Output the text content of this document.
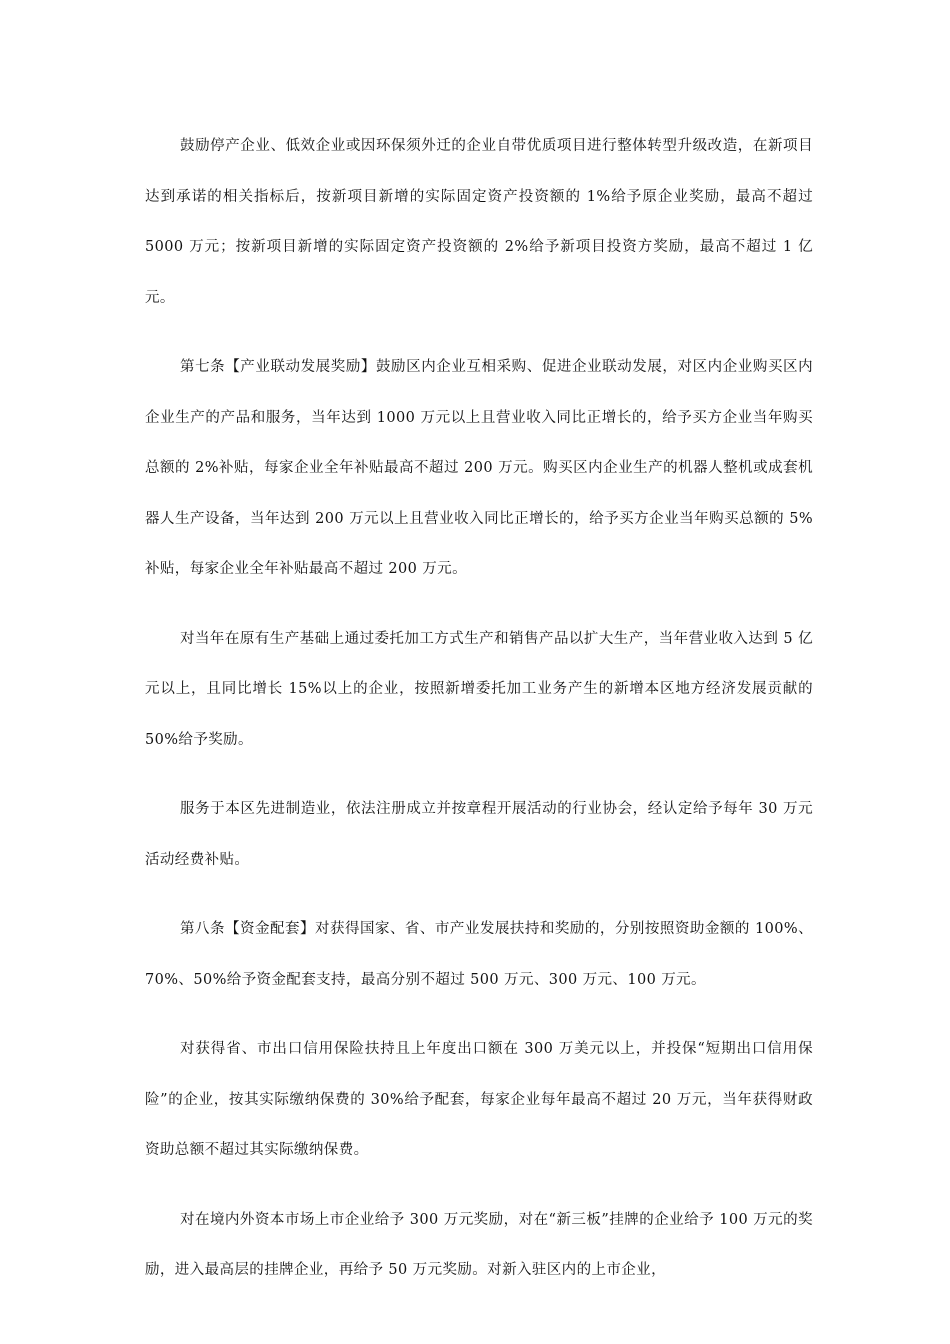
鼓励停产企业、低效企业或因环保须外迁的企业自带优质项目进行整体转型升级改造，在新项目达到承诺的相关指标后，按新项目新增的实际固定资产投资额的 1%给予原企业奖励，最高不超过 5000 万元；按新项目新增的实际固定资产投资额的 2%给予新项目投资方奖励，最高不超过 1 亿元。

第七条【产业联动发展奖励】鼓励区内企业互相采购、促进企业联动发展，对区内企业购买区内企业生产的产品和服务，当年达到 1000 万元以上且营业收入同比正增长的，给予买方企业当年购买总额的 2%补贴，每家企业全年补贴最高不超过 200 万元。购买区内企业生产的机器人整机或成套机器人生产设备，当年达到 200 万元以上且营业收入同比正增长的，给予买方企业当年购买总额的 5%补贴，每家企业全年补贴最高不超过 200 万元。

对当年在原有生产基础上通过委托加工方式生产和销售产品以扩大生产，当年营业收入达到 5 亿元以上，且同比增长 15%以上的企业，按照新增委托加工业务产生的新增本区地方经济发展贡献的 50%给予奖励。

服务于本区先进制造业，依法注册成立并按章程开展活动的行业协会，经认定给予每年 30 万元活动经费补贴。

第八条【资金配套】对获得国家、省、市产业发展扶持和奖励的，分别按照资助金额的 100%、70%、50%给予资金配套支持，最高分别不超过 500 万元、300 万元、100 万元。

对获得省、市出口信用保险扶持且上年度出口额在 300 万美元以上，并投保“短期出口信用保险”的企业，按其实际缴纳保费的 30%给予配套，每家企业每年最高不超过 20 万元，当年获得财政资助总额不超过其实际缴纳保费。

对在境内外资本市场上市企业给予 300 万元奖励，对在“新三板”挂牌的企业给予 100 万元的奖励，进入最高层的挂牌企业，再给予 50 万元奖励。对新入驻区内的上市企业，
